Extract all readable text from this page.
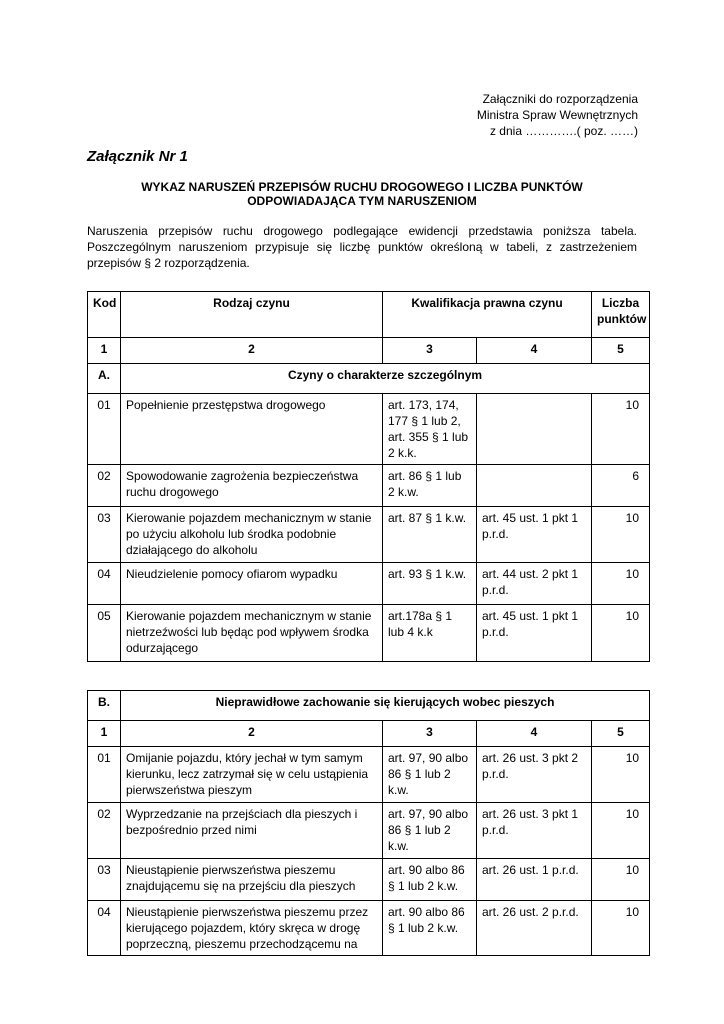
Załączniki do rozporządzenia
Ministra Spraw Wewnętrznych
z dnia ………….( poz. ……)
Załącznik Nr 1
WYKAZ NARUSZEŃ PRZEPISÓW RUCHU DROGOWEGO I LICZBA PUNKTÓW
ODPOWIADAJĄCA TYM NARUSZENIOM

Naruszenia przepisów ruchu drogowego podlegające ewidencji przedstawia poniższa tabela. Poszczególnym naruszeniom przypisuje się liczbę punktów określoną w tabeli, z zastrzeżeniem przepisów § 2 rozporządzenia.

Kod	Rodzaj czynu	Kwalifikacja prawna czynu		Liczba punktów
1	2	3	4	5
A.	Czyny o charakterze szczególnym			
01	Popełnienie przestępstwa drogowego	art. 173, 174, 177 § 1 lub 2, art. 355 § 1 lub 2 k.k.		10
02	Spowodowanie zagrożenia bezpieczeństwa ruchu drogowego	art. 86 § 1 lub 2 k.w.		6
03	Kierowanie pojazdem mechanicznym w stanie po użyciu alkoholu lub środka podobnie działającego do alkoholu	art. 87 § 1 k.w.	art. 45 ust. 1 pkt 1 p.r.d.	10
04	Nieudzielenie pomocy ofiarom wypadku	art. 93 § 1 k.w.	art. 44 ust. 2 pkt 1 p.r.d.	10
05	Kierowanie pojazdem mechanicznym w stanie nietrzeźwości lub będąc pod wpływem środka odurzającego	art.178a § 1 lub 4 k.k	art. 45 ust. 1 pkt 1 p.r.d.	10
B.	Nieprawidłowe zachowanie się kierujących wobec pieszych			
1	2	3	4	5
01	Omijanie pojazdu, który jechał w tym samym kierunku, lecz zatrzymał się w celu ustąpienia pierwszeństwa pieszym	art. 97, 90 albo 86 § 1 lub 2 k.w.	art. 26 ust. 3 pkt 2 p.r.d.	10
02	Wyprzedzanie na przejściach dla pieszych i bezpośrednio przed nimi	art. 97, 90 albo 86 § 1 lub 2 k.w.	art. 26 ust. 3 pkt 1 p.r.d.	10
03	Nieustąpienie pierwszeństwa pieszemu znajdującemu się na przejściu dla pieszych	art. 90 albo 86 § 1 lub 2 k.w.	art. 26 ust. 1 p.r.d.	10
04	Nieustąpienie pierwszeństwa pieszemu przez kierującego pojazdem, który skręca w drogę poprzeczną, pieszemu przechodzącemu na	art. 90 albo 86 § 1 lub 2 k.w.	art. 26 ust. 2 p.r.d.	10
